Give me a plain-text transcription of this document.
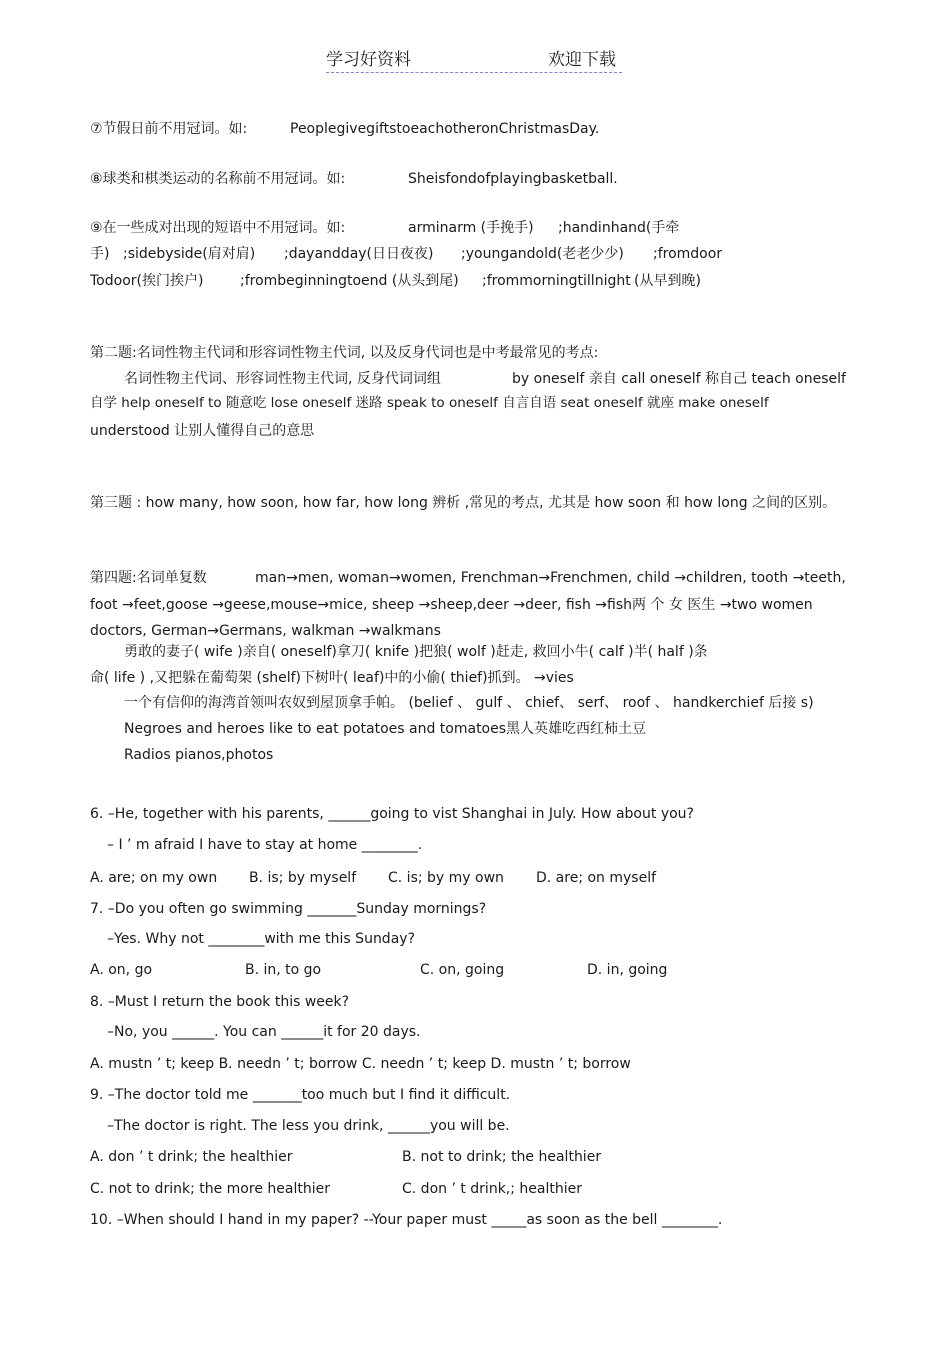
学习好资料	欢迎下载
⑦节假日前不用冠词。如:	PeoplegivegiftstoeachotheronChristmasDay.
⑧球类和棋类运动的名称前不用冠词。如:	Sheisfondofplayingbasketball.
⑨在一些成对出现的短语中不用冠词。如:	arminarm (手挽手) ;handinhand(手牵
手) ;sidebyside(肩对肩) ;dayandday(日日夜夜) ;youngandold(老老少少) ;fromdoor
Todoor(挨门挨户)	;frombeginningtoend (从头到尾) ;frommorningtillnight (从早到晚)
第二题:名词性物主代词和形容词性物主代词, 以及反身代词也是中考最常见的考点:
名词性物主代词、形容词性物主代词, 反身代词词组	by oneself 亲自 call oneself 称自己 teach oneself
自学 help oneself to 随意吃 lose oneself 迷路 speak to oneself 自言自语 seat oneself 就座 make oneself
understood 让别人懂得自己的意思
第三题 : how many, how soon, how far, how long 辨析 ,常见的考点, 尤其是 how soon 和 how long 之间的区别。
第四题:名词单复数	man→men, woman→women, Frenchman→Frenchmen, child →children, tooth →teeth,
foot →feet,goose →geese,mouse→mice, sheep →sheep,deer →deer, fish →fish两 个 女 医生 →two women
doctors, German→Germans, walkman →walkmans
勇敢的妻子( wife )亲自( oneself)拿刀( knife )把狼( wolf )赶走, 救回小牛( calf )半( half )条
命( life ) ,又把躲在葡萄架 (shelf)下树叶( leaf)中的小偷( thief)抓到。 →vies
一个有信仰的海湾首领叫农奴到屋顶拿手帕。 (belief 、 gulf 、 chief、 serf、 roof 、 handkerchief 后接 s)
Negroes and heroes like to eat potatoes and tomatoes黑人英雄吃西红柿土豆
Radios pianos,photos
6. –He, together with his parents, ______going to vist Shanghai in July. How about you?
– I ’ m afraid I have to stay at home ________.
A. are; on my own B. is; by myself C. is; by my own D. are; on myself
7. –Do you often go swimming _______Sunday mornings?
–Yes. Why not ________with me this Sunday?
A. on, go	B. in, to go	C. on, going	D. in, going
8. –Must I return the book this week?
–No, you ______. You can ______it for 20 days.
A. mustn ’ t; keep B. needn ’ t; borrow C. needn ’ t; keep D. mustn ’ t; borrow
9. –The doctor told me _______too much but I find it difficult.
–The doctor is right. The less you drink, ______you will be.
A. don ’ t drink; the healthier	B. not to drink; the healthier
C. not to drink; the more healthier	C. don ’ t drink,; healthier
10. –When should I hand in my paper? --Your paper must _____as soon as the bell ________.
